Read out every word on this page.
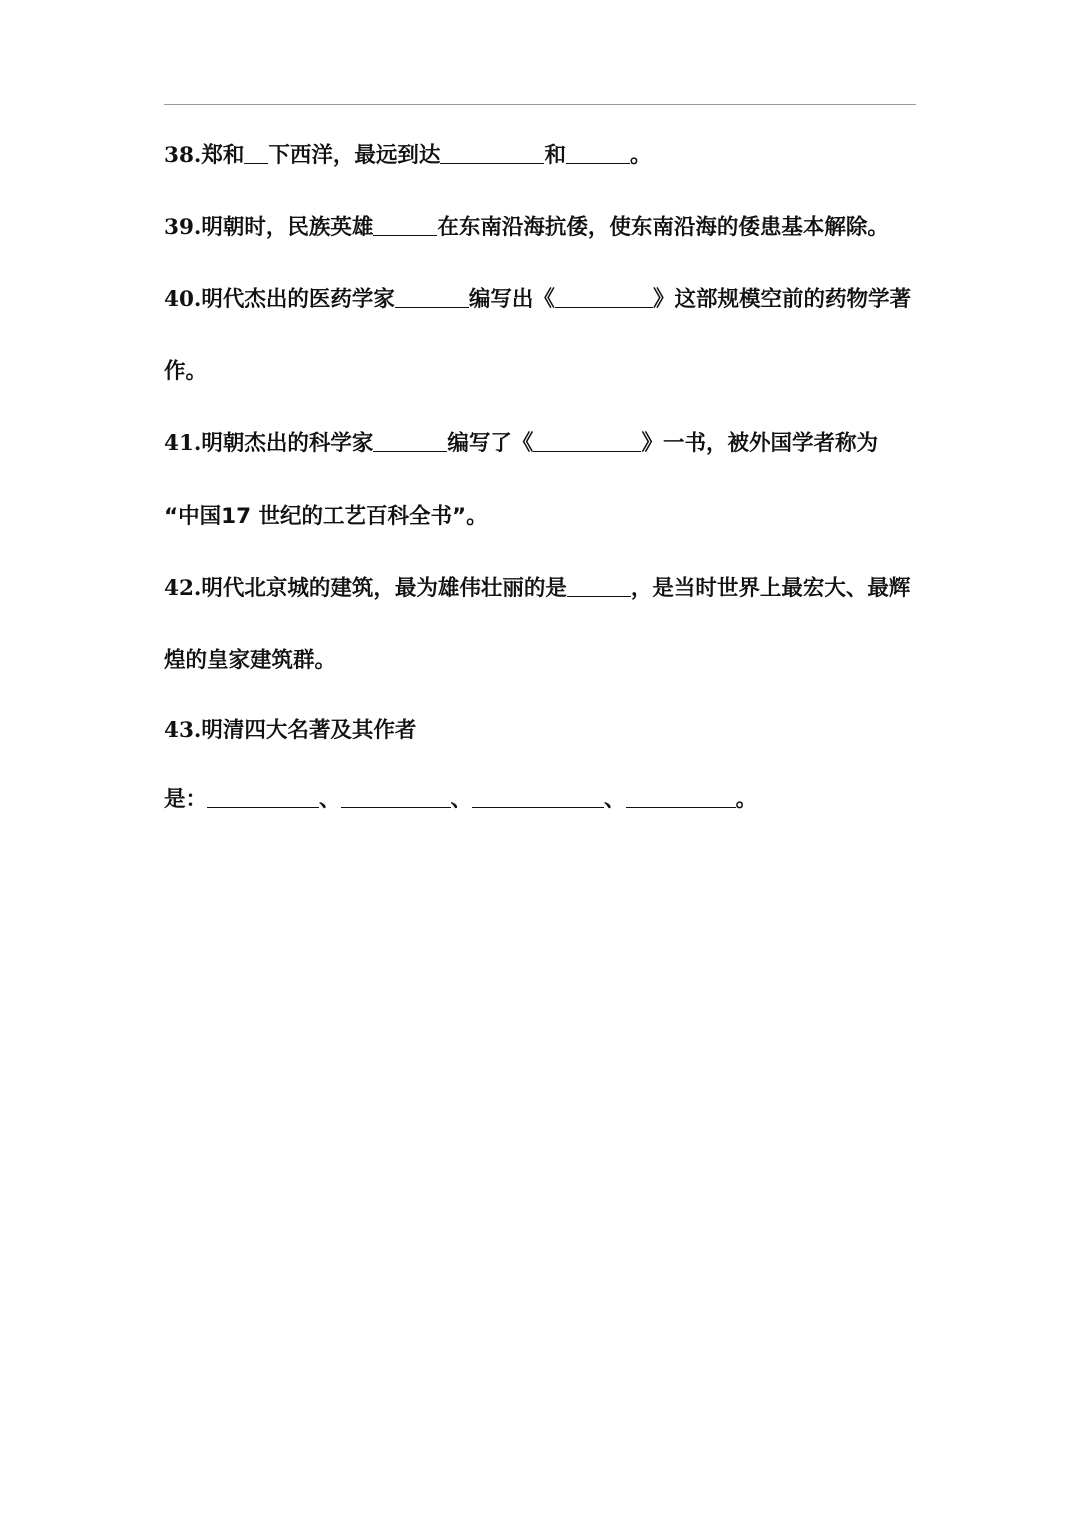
38.郑和 下西洋，最远到达	和	。
39.明朝时，民族英雄	在东南沿海抗倭，使东南沿海的倭患基本解除。
40.明代杰出的医药学家	编写出《	》这部规模空前的药物学著
作。
41.明朝杰出的科学家	编写了《	》一书，被外国学者称为
“中国17 世纪的工艺百科全书”。
42.明代北京城的建筑，最为雄伟壮丽的是	，是当时世界上最宏大、最辉
煌的皇家建筑群。
43.明清四大名著及其作者
是：	、	、	、	。
